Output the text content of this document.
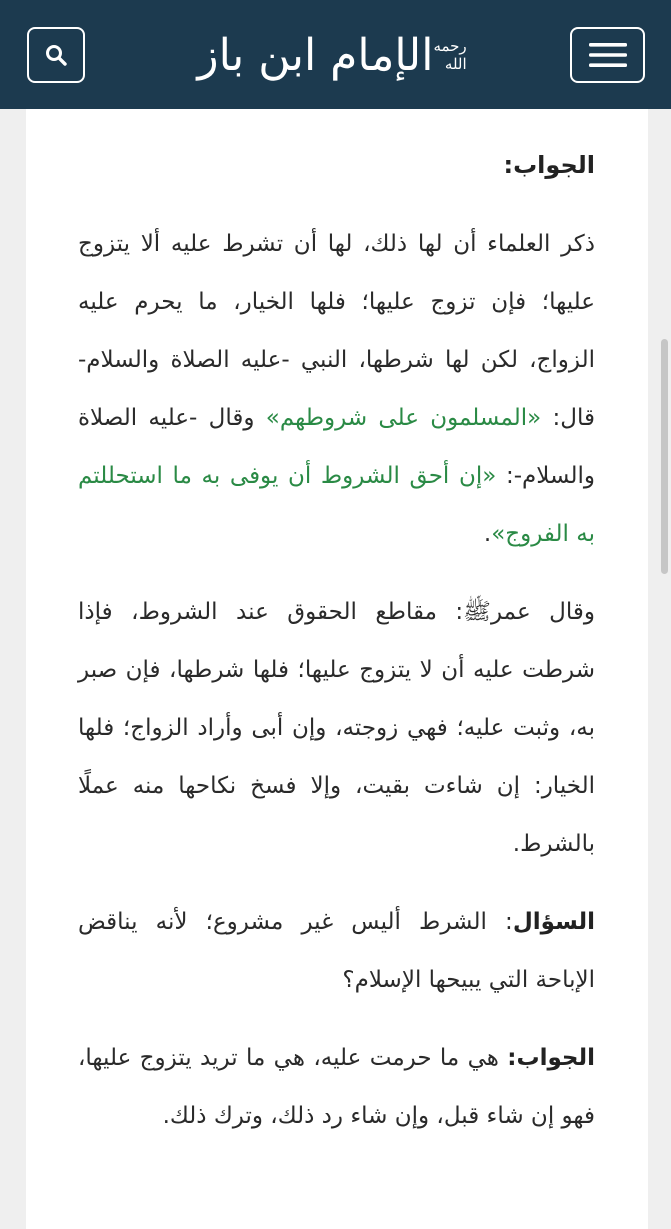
الإمام ابن باز رحمه الله
الجواب:

ذكر العلماء أن لها ذلك، لها أن تشرط عليه ألا يتزوج عليها؛ فإن تزوج عليها؛ فلها الخيار، ما يحرم عليه الزواج، لكن لها شرطها، النبي -عليه الصلاة والسلام- قال: «المسلمون على شروطهم» وقال -عليه الصلاة والسلام-: «إن أحق الشروط أن يوفى به ما استحللتم به الفروج».

وقال عمرﷺ: مقاطع الحقوق عند الشروط، فإذا شرطت عليه أن لا يتزوج عليها؛ فلها شرطها، فإن صبر به، وثبت عليه؛ فهي زوجته، وإن أبى وأراد الزواج؛ فلها الخيار: إن شاءت بقيت، وإلا فسخ نكاحها منه عملًا بالشرط.

السؤال: الشرط أليس غير مشروع؛ لأنه يناقض الإباحة التي يبيحها الإسلام؟

الجواب: هي ما حرمت عليه، هي ما تريد يتزوج عليها، فهو إن شاء قبل، وإن شاء رد ذلك، وترك ذلك.
